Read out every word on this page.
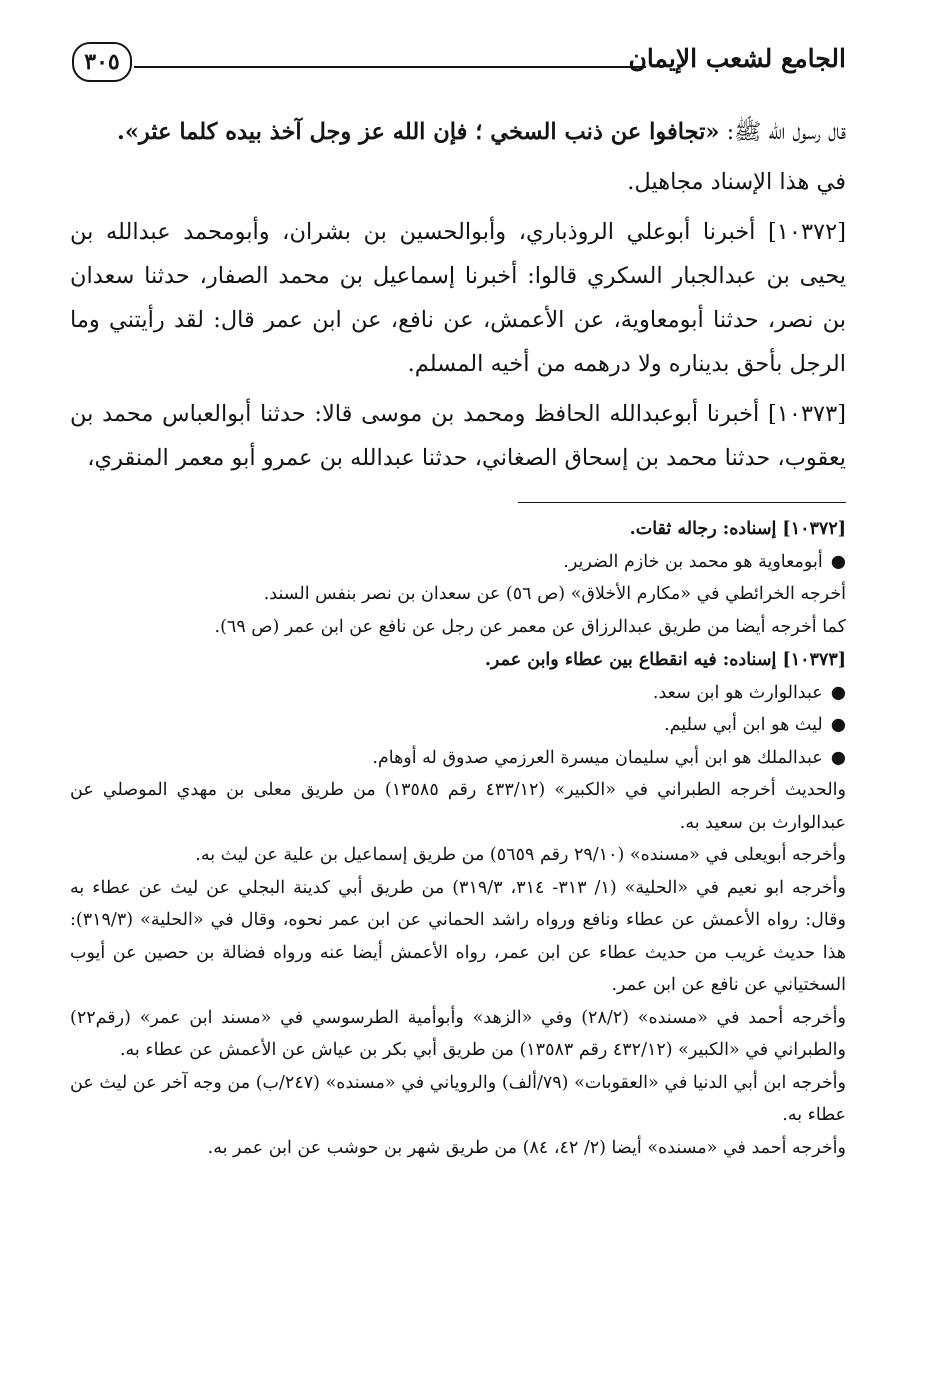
الجامع لشعب الإيمان
٣٠٥

قال رسول الله ﷺ: «تجافوا عن ذنب السخي ؛ فإن الله عز وجل آخذ بيده كلما عثر».

في هذا الإسناد مجاهيل.

[١٠٣٧٢] أخبرنا أبوعلي الروذباري، وأبوالحسين بن بشران، وأبومحمد عبدالله بن يحيى بن عبدالجبار السكري قالوا: أخبرنا إسماعيل بن محمد الصفار، حدثنا سعدان بن نصر، حدثنا أبومعاوية، عن الأعمش، عن نافع، عن ابن عمر قال: لقد رأيتني وما الرجل بأحق بديناره ولا درهمه من أخيه المسلم.

[١٠٣٧٣] أخبرنا أبوعبدالله الحافظ ومحمد بن موسى قالا: حدثنا أبوالعباس محمد بن يعقوب، حدثنا محمد بن إسحاق الصغاني، حدثنا عبدالله بن عمرو أبو معمر المنقري،

[١٠٣٧٢] إسناده: رجاله ثقات.

●أبومعاوية هو محمد بن خازم الضرير.

أخرجه الخرائطي في «مكارم الأخلاق» (ص ٥٦) عن سعدان بن نصر بنفس السند.

كما أخرجه أيضا من طريق عبدالرزاق عن معمر عن رجل عن نافع عن ابن عمر (ص ٦٩).

[١٠٣٧٣] إسناده: فيه انقطاع بين عطاء وابن عمر.

●عبدالوارث هو ابن سعد.

●ليث هو ابن أبي سليم.

●عبدالملك هو ابن أبي سليمان ميسرة العرزمي صدوق له أوهام.

والحديث أخرجه الطبراني في «الكبير» (٤٣٣/١٢ رقم ١٣٥٨٥) من طريق معلى بن مهدي الموصلي عن عبدالوارث بن سعيد به.

وأخرجه أبويعلى في «مسنده» (٢٩/١٠ رقم ٥٦٥٩) من طريق إسماعيل بن علية عن ليث به.

وأخرجه ابو نعيم في «الحلية» (١/ ٣١٣- ٣١٤، ٣١٩/٣) من طريق أبي كدينة البجلي عن ليث عن عطاء به وقال: رواه الأعمش عن عطاء ونافع ورواه راشد الحماني عن ابن عمر نحوه، وقال في «الحلية» (٣١٩/٣): هذا حديث غريب من حديث عطاء عن ابن عمر، رواه الأعمش أيضا عنه ورواه فضالة بن حصين عن أيوب السختياني عن نافع عن ابن عمر.

وأخرجه أحمد في «مسنده» (٢٨/٢) وفي «الزهد» وأبوأمية الطرسوسي في «مسند ابن عمر» (رقم٢٢) والطبراني في «الكبير» (٤٣٢/١٢ رقم ١٣٥٨٣) من طريق أبي بكر بن عياش عن الأعمش عن عطاء به.

وأخرجه ابن أبي الدنيا في «العقوبات» (٧٩/ألف) والروياني في «مسنده» (٢٤٧/ب) من وجه آخر عن ليث عن عطاء به.

وأخرجه أحمد في «مسنده» أيضا (٢/ ٤٢، ٨٤) من طريق شهر بن حوشب عن ابن عمر به.
